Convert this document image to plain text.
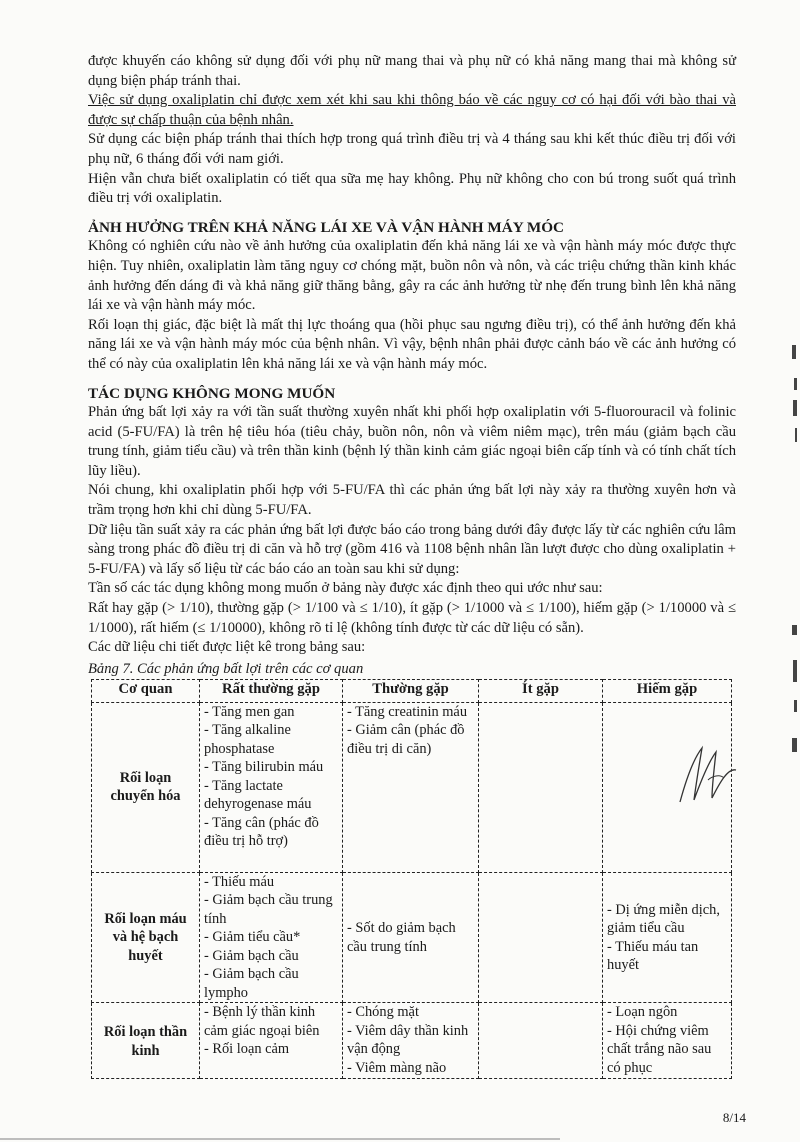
được khuyến cáo không sử dụng đối với phụ nữ mang thai và phụ nữ có khả năng mang thai mà không sử dụng biện pháp tránh thai.

Việc sử dụng oxaliplatin chỉ được xem xét khi sau khi thông báo về các nguy cơ có hại đối với bào thai và được sự chấp thuận của bệnh nhân.

Sử dụng các biện pháp tránh thai thích hợp trong quá trình điều trị và 4 tháng sau khi kết thúc điều trị đối với phụ nữ, 6 tháng đối với nam giới.

Hiện vẫn chưa biết oxaliplatin có tiết qua sữa mẹ hay không. Phụ nữ không cho con bú trong suốt quá trình điều trị với oxaliplatin.

ẢNH HƯỞNG TRÊN KHẢ NĂNG LÁI XE VÀ VẬN HÀNH MÁY MÓC

Không có nghiên cứu nào về ảnh hưởng của oxaliplatin đến khả năng lái xe và vận hành máy móc được thực hiện. Tuy nhiên, oxaliplatin làm tăng nguy cơ chóng mặt, buồn nôn và nôn, và các triệu chứng thần kinh khác ảnh hưởng đến dáng đi và khả năng giữ thăng bằng, gây ra các ảnh hưởng từ nhẹ đến trung bình lên khả năng lái xe và vận hành máy móc.

Rối loạn thị giác, đặc biệt là mất thị lực thoáng qua (hồi phục sau ngưng điều trị), có thể ảnh hưởng đến khả năng lái xe và vận hành máy móc của bệnh nhân. Vì vậy, bệnh nhân phải được cảnh báo về các ảnh hưởng có thể có này của oxaliplatin lên khả năng lái xe và vận hành máy móc.

TÁC DỤNG KHÔNG MONG MUỐN

Phản ứng bất lợi xảy ra với tần suất thường xuyên nhất khi phối hợp oxaliplatin với 5-fluorouracil và folinic acid (5-FU/FA) là trên hệ tiêu hóa (tiêu chảy, buồn nôn, nôn và viêm niêm mạc), trên máu (giảm bạch cầu trung tính, giảm tiểu cầu) và trên thần kinh (bệnh lý thần kinh cảm giác ngoại biên cấp tính và có tính chất tích lũy liều).

Nói chung, khi oxaliplatin phối hợp với 5-FU/FA thì các phản ứng bất lợi này xảy ra thường xuyên hơn và trầm trọng hơn khi chỉ dùng 5-FU/FA.

Dữ liệu tần suất xảy ra các phản ứng bất lợi được báo cáo trong bảng dưới đây được lấy từ các nghiên cứu lâm sàng trong phác đồ điều trị di căn và hỗ trợ (gồm 416 và 1108 bệnh nhân lần lượt được cho dùng oxaliplatin + 5-FU/FA) và lấy số liệu từ các báo cáo an toàn sau khi sử dụng:

Tần số các tác dụng không mong muốn ở bảng này được xác định theo qui ước như sau:

Rất hay gặp (> 1/10), thường gặp (> 1/100 và ≤ 1/10), ít gặp (> 1/1000 và ≤ 1/100), hiếm gặp (> 1/10000 và ≤ 1/1000), rất hiếm (≤ 1/10000), không rõ tỉ lệ (không tính được từ các dữ liệu có sẵn).

Các dữ liệu chi tiết được liệt kê trong bảng sau:

Bảng 7. Các phản ứng bất lợi trên các cơ quan
Cơ quan	Rất thường gặp	Thường gặp	Ít gặp	Hiếm gặp
Rối loạn chuyển hóa	- Tăng men gan
- Tăng alkaline phosphatase
- Tăng bilirubin máu
- Tăng lactate dehyrogenase máu
- Tăng cân (phác đồ điều trị hỗ trợ)	- Tăng creatinin máu
- Giảm cân (phác đồ điều trị di căn)		

Rối loạn máu và hệ bạch huyết	- Thiếu máu
- Giảm bạch cầu trung tính
- Giảm tiểu cầu*
- Giảm bạch cầu
- Giảm bạch cầu lympho	- Sốt do giảm bạch cầu trung tính		- Dị ứng miễn dịch, giảm tiểu cầu
- Thiếu máu tan huyết

Rối loạn thần kinh	- Bệnh lý thần kinh cảm giác ngoại biên
- Rối loạn cảm	- Chóng mặt
- Viêm dây thần kinh vận động
- Viêm màng não		- Loạn ngôn
- Hội chứng viêm chất trắng não sau có phục
8/14
